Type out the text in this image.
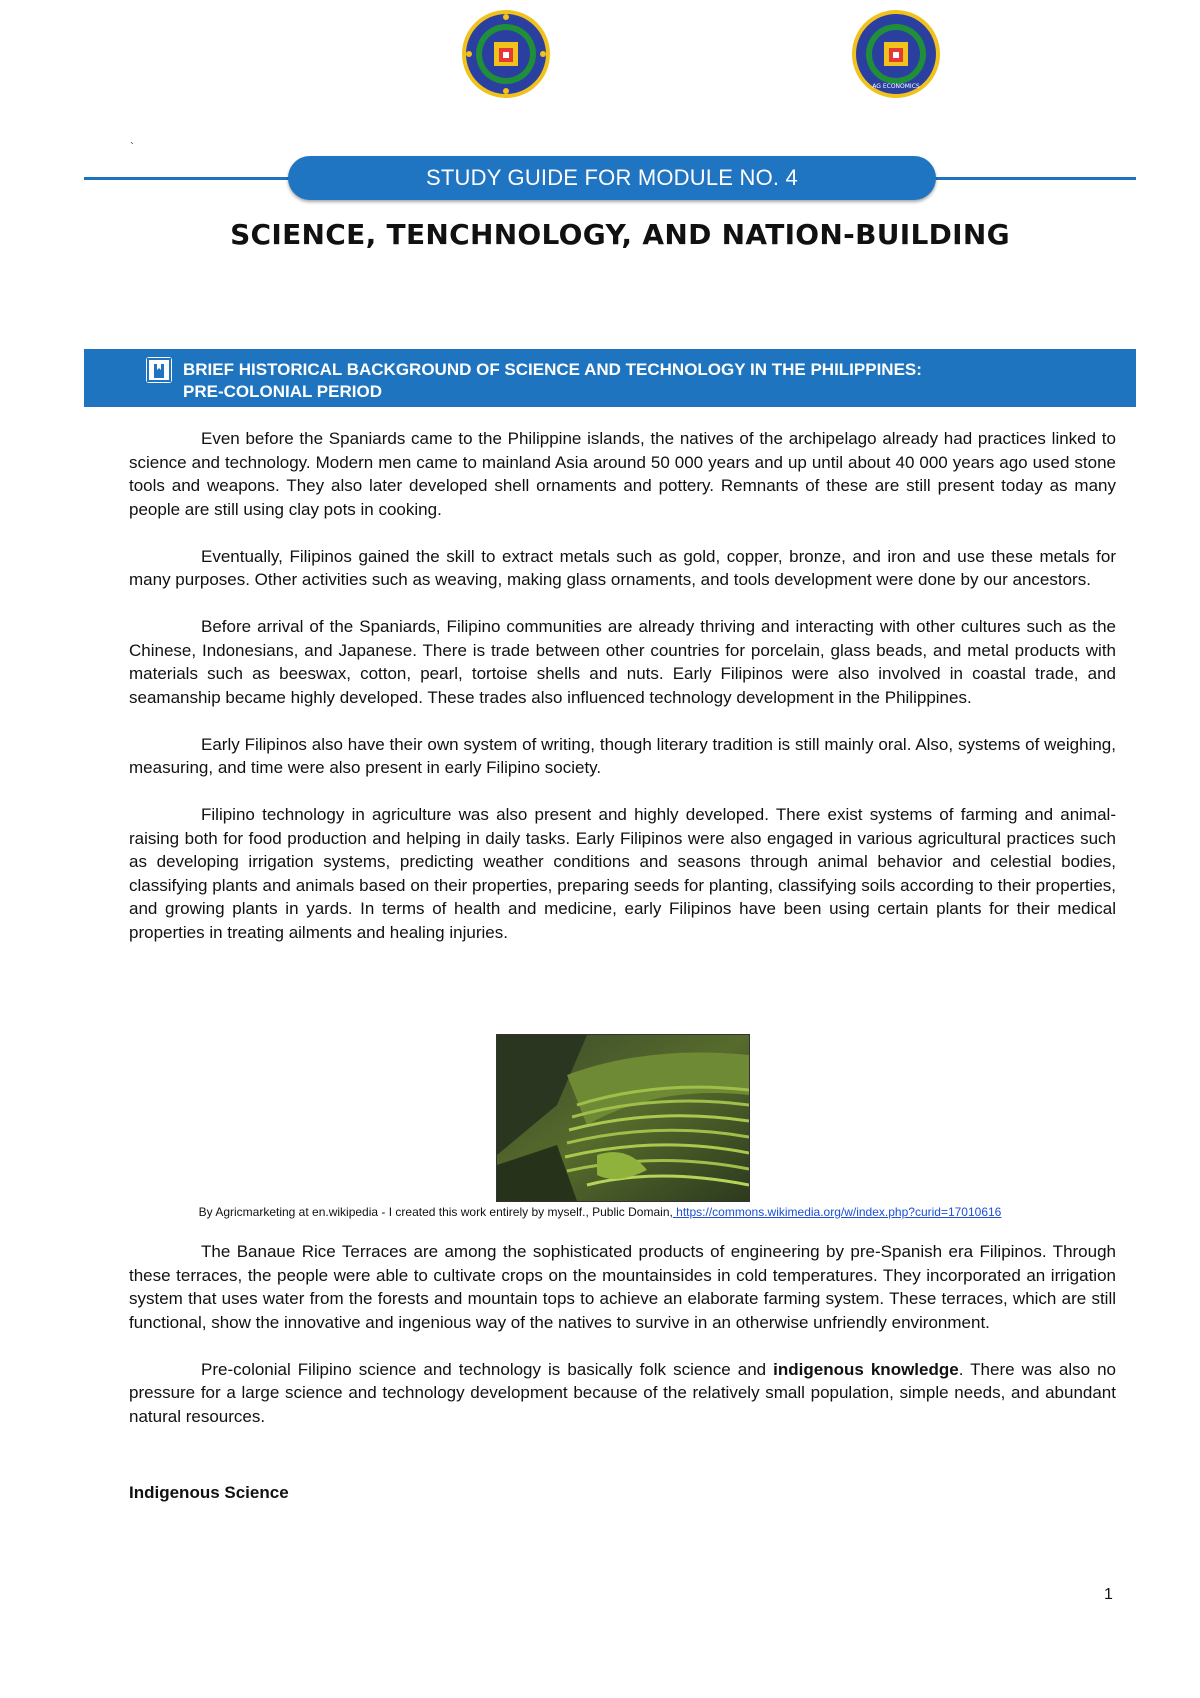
AG ECONOMICS
`
STUDY GUIDE FOR MODULE NO. 4
SCIENCE, TENCHNOLOGY, AND NATION-BUILDING
BRIEF HISTORICAL BACKGROUND OF SCIENCE AND TECHNOLOGY IN THE PHILIPPINES:
PRE-COLONIAL PERIOD

Even before the Spaniards came to the Philippine islands, the natives of the archipelago already had practices linked to science and technology. Modern men came to mainland Asia around 50 000 years and up until about 40 000 years ago used stone tools and weapons. They also later developed shell ornaments and pottery. Remnants of these are still present today as many people are still using clay pots in cooking.

Eventually, Filipinos gained the skill to extract metals such as gold, copper, bronze, and iron and use these metals for many purposes. Other activities such as weaving, making glass ornaments, and tools development were done by our ancestors.

Before arrival of the Spaniards, Filipino communities are already thriving and interacting with other cultures such as the Chinese, Indonesians, and Japanese. There is trade between other countries for porcelain, glass beads, and metal products with materials such as beeswax, cotton, pearl, tortoise shells and nuts. Early Filipinos were also involved in coastal trade, and seamanship became highly developed. These trades also influenced technology development in the Philippines.

Early Filipinos also have their own system of writing, though literary tradition is still mainly oral. Also, systems of weighing, measuring, and time were also present in early Filipino society.

Filipino technology in agriculture was also present and highly developed. There exist systems of farming and animal-raising both for food production and helping in daily tasks. Early Filipinos were also engaged in various agricultural practices such as developing irrigation systems, predicting weather conditions and seasons through animal behavior and celestial bodies, classifying plants and animals based on their properties, preparing seeds for planting, classifying soils according to their properties, and growing plants in yards. In terms of health and medicine, early Filipinos have been using certain plants for their medical properties in treating ailments and healing injuries.

By Agricmarketing at en.wikipedia - I created this work entirely by myself., Public Domain, https://commons.wikimedia.org/w/index.php?curid=17010616

The Banaue Rice Terraces are among the sophisticated products of engineering by pre-Spanish era Filipinos. Through these terraces, the people were able to cultivate crops on the mountainsides in cold temperatures. They incorporated an irrigation system that uses water from the forests and mountain tops to achieve an elaborate farming system. These terraces, which are still functional, show the innovative and ingenious way of the natives to survive in an otherwise unfriendly environment.

Pre-colonial Filipino science and technology is basically folk science and indigenous knowledge. There was also no pressure for a large science and technology development because of the relatively small population, simple needs, and abundant natural resources.

Indigenous Science
1
